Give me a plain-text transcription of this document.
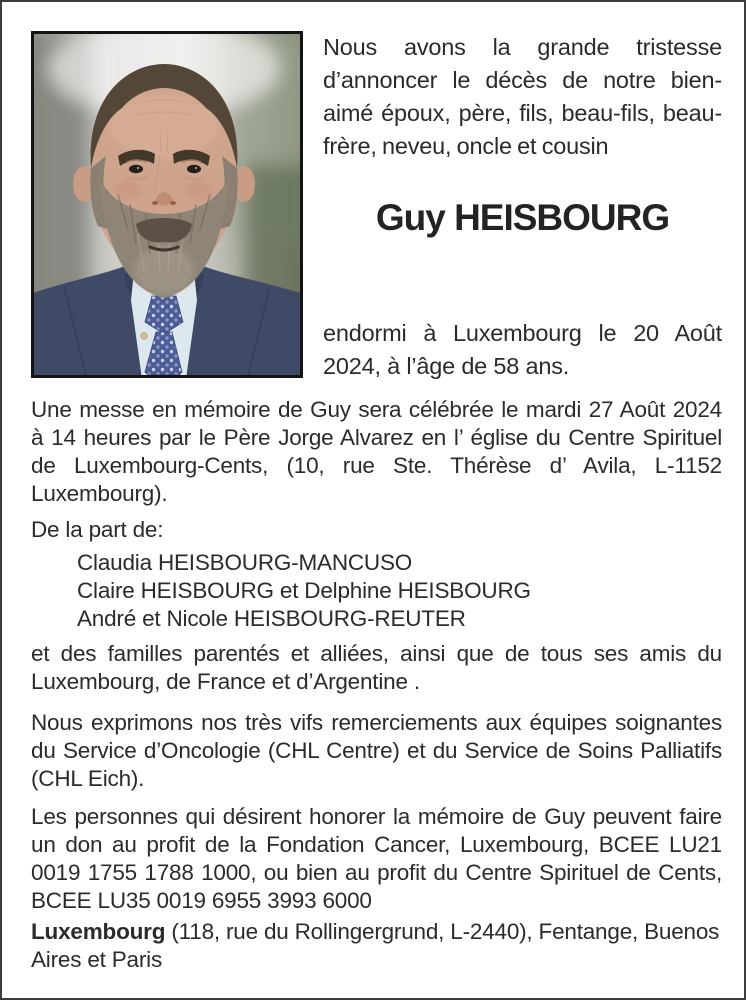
Nous avons la grande tristesse d’annoncer le décès de notre bien-aimé époux, père, fils, beau-fils, beau-frère, neveu, oncle et cousin

Guy HEISBOURG

endormi à Luxembourg le 20 Août 2024, à l’âge de 58 ans.

Une messe en mémoire de Guy sera célébrée le mardi 27 Août 2024 à 14 heures par le Père Jorge Alvarez en l’ église du Centre Spirituel de Luxembourg-Cents, (10, rue Ste. Thérèse d’ Avila, L-1152 Luxembourg).

De la part de:

Claudia HEISBOURG-MANCUSO
Claire HEISBOURG et Delphine HEISBOURG
André et Nicole HEISBOURG-REUTER

et des familles parentés et alliées, ainsi que de tous ses amis du Luxembourg, de France et d’Argentine .

Nous exprimons nos très vifs remerciements aux équipes soignantes du Service d’Oncologie (CHL Centre) et du Service de Soins Palliatifs (CHL Eich).

Les personnes qui désirent honorer la mémoire de Guy peuvent faire un don au profit de la Fondation Cancer, Luxembourg, BCEE LU21 0019 1755 1788 1000, ou bien au profit du Centre Spirituel de Cents, BCEE LU35 0019 6955 3993 6000

Luxembourg (118, rue du Rollingergrund, L-2440), Fentange, Buenos Aires et Paris
